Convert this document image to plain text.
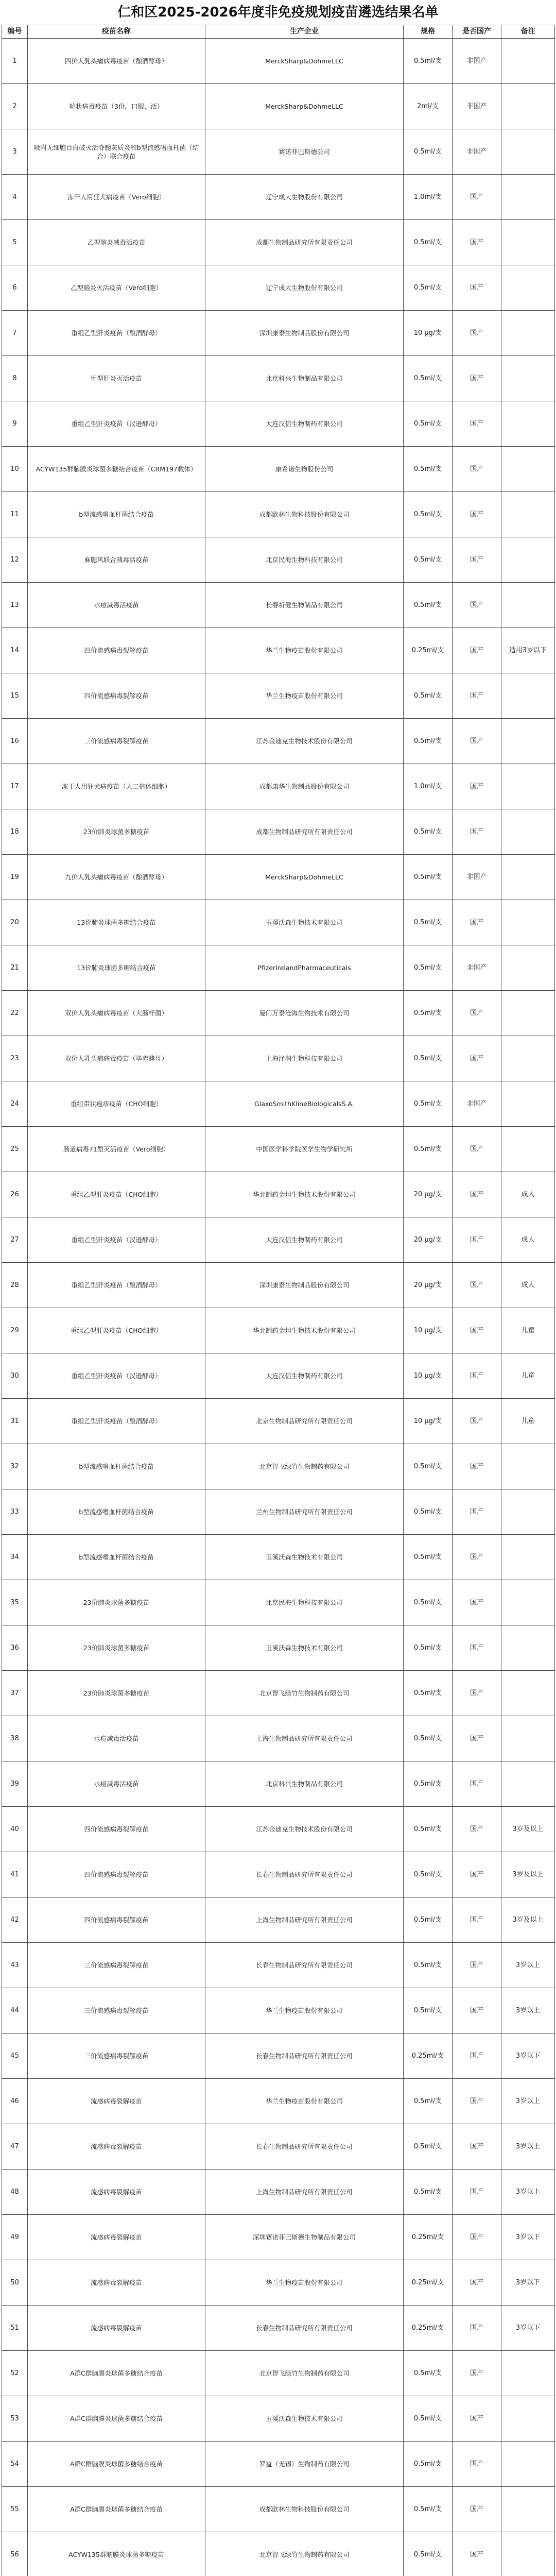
仁和区2025-2026年度非免疫规划疫苗遴选结果名单
编号	疫苗名称	生产企业	规格	是否国产	备注
1	四价人乳头瘤病毒疫苗（酿酒酵母）	MerckSharp&DohmeLLC	0.5ml/支	非国产	
2	轮状病毒疫苗（3价，口服，活）	MerckSharp&DohmeLLC	2ml/支	非国产	
3	吸附无细胞百白破灭活脊髓灰质炎和b型流感嗜血杆菌（结合）联合疫苗	赛诺菲巴斯德公司	0.5ml/支	非国产	
4	冻干人用狂犬病疫苗（Vero细胞）	辽宁成大生物股份有限公司	1.0ml/支	国产	
5	乙型脑炎减毒活疫苗	成都生物制品研究所有限责任公司	0.5ml/支	国产	
6	乙型脑炎灭活疫苗（Vero细胞）	辽宁成大生物股份有限公司	0.5ml/支	国产	
7	重组乙型肝炎疫苗（酿酒酵母）	深圳康泰生物制品股份有限公司	10 μg/支	国产	
8	甲型肝炎灭活疫苗	北京科兴生物制品有限公司	0.5ml/支	国产	
9	重组乙型肝炎疫苗（汉逊酵母）	大连汉信生物制药有限公司	0.5ml/支	国产	
10	ACYW135群脑膜炎球菌多糖结合疫苗（CRM197载体）	康希诺生物股份公司	0.5ml/支	国产	
11	b型流感嗜血杆菌结合疫苗	成都欧林生物科技股份有限公司	0.5ml/支	国产	
12	麻腮风联合减毒活疫苗	北京民海生物科技有限公司	0.5ml/支	国产	
13	水痘减毒活疫苗	长春祈健生物制品有限公司	0.5ml/支	国产	
14	四价流感病毒裂解疫苗	华兰生物疫苗股份有限公司	0.25ml/支	国产	适用3岁以下
15	四价流感病毒裂解疫苗	华兰生物疫苗股份有限公司	0.5ml/支	国产	
16	三价流感病毒裂解疫苗	江苏金迪克生物技术股份有限公司	0.5ml/支	国产	
17	冻干人用狂犬病疫苗（人二倍体细胞）	成都康华生物制品股份有限公司	1.0ml/支	国产	
18	23价肺炎球菌多糖疫苗	成都生物制品研究所有限责任公司	0.5ml/支	国产	
19	九价人乳头瘤病毒疫苗（酿酒酵母）	MerckSharp&DohmeLLC	0.5ml/支	非国产	
20	13价肺炎球菌多糖结合疫苗	玉溪沃森生物技术有限公司	0.5ml/支	国产	
21	13价肺炎球菌多糖结合疫苗	PfizerIrelandPharmaceuticals	0.5ml/支	非国产	
22	双价人乳头瘤病毒疫苗（大肠杆菌）	厦门万泰沧海生物技术有限公司	0.5ml/支	国产	
23	双价人乳头瘤病毒疫苗（毕赤酵母）	上海泽润生物科技有限公司	0.5ml/支	国产	
24	重组带状疱疹疫苗（CHO细胞）	GlaxoSmithKlineBiologicalsS.A.	0.5ml/支	非国产	
25	肠道病毒71型灭活疫苗（Vero细胞）	中国医学科学院医学生物学研究所	0.5ml/支	国产	
26	重组乙型肝炎疫苗（CHO细胞）	华北制药金坦生物技术股份有限公司	20 μg/支	国产	成人
27	重组乙型肝炎疫苗（汉逊酵母）	大连汉信生物制药有限公司	20 μg/支	国产	成人
28	重组乙型肝炎疫苗（酿酒酵母）	深圳康泰生物制品股份有限公司	20 μg/支	国产	成人
29	重组乙型肝炎疫苗（CHO细胞）	华北制药金坦生物技术股份有限公司	10 μg/支	国产	儿童
30	重组乙型肝炎疫苗（汉逊酵母）	大连汉信生物制药有限公司	10 μg/支	国产	儿童
31	重组乙型肝炎疫苗（酿酒酵母）	北京生物制品研究所有限责任公司	10 μg/支	国产	儿童
32	b型流感嗜血杆菌结合疫苗	北京智飞绿竹生物制药有限公司	0.5ml/支	国产	
33	b型流感嗜血杆菌结合疫苗	兰州生物制品研究所有限责任公司	0.5ml/支	国产	
34	b型流感嗜血杆菌结合疫苗	玉溪沃森生物技术有限公司	0.5ml/支	国产	
35	23价肺炎球菌多糖疫苗	北京民海生物科技有限公司	0.5ml/支	国产	
36	23价肺炎球菌多糖疫苗	玉溪沃森生物技术有限公司	0.5ml/支	国产	
37	23价肺炎球菌多糖疫苗	北京智飞绿竹生物制药有限公司	0.5ml/支	国产	
38	水痘减毒活疫苗	上海生物制品研究所有限责任公司	0.5ml/支	国产	
39	水痘减毒活疫苗	北京科兴生物制品有限公司	0.5ml/支	国产	
40	四价流感病毒裂解疫苗	江苏金迪克生物技术股份有限公司	0.5ml/支	国产	3岁及以上
41	四价流感病毒裂解疫苗	长春生物制品研究所有限责任公司	0.5ml/支	国产	3岁及以上
42	四价流感病毒裂解疫苗	上海生物制品研究所有限责任公司	0.5ml/支	国产	3岁及以上
43	三价流感病毒裂解疫苗	长春生物制品研究所有限责任公司	0.5ml/支	国产	3岁以上
44	三价流感病毒裂解疫苗	华兰生物疫苗股份有限公司	0.5ml/支	国产	3岁以上
45	三价流感病毒裂解疫苗	长春生物制品研究所有限责任公司	0.25ml/支	国产	3岁以下
46	流感病毒裂解疫苗	华兰生物疫苗股份有限公司	0.5ml/支	国产	3岁以上
47	流感病毒裂解疫苗	长春生物制品研究所有限责任公司	0.5ml/支	国产	3岁以上
48	流感病毒裂解疫苗	上海生物制品研究所有限责任公司	0.5ml/支	国产	3岁以上
49	流感病毒裂解疫苗	深圳赛诺菲巴斯德生物制品有限公司	0.25ml/支	国产	3岁以下
50	流感病毒裂解疫苗	华兰生物疫苗股份有限公司	0.25ml/支	国产	3岁以下
51	流感病毒裂解疫苗	长春生物制品研究所有限责任公司	0.25ml/支	国产	3岁以下
52	A群C群脑膜炎球菌多糖结合疫苗	北京智飞绿竹生物制药有限公司	0.5ml/支	国产	
53	A群C群脑膜炎球菌多糖结合疫苗	玉溪沃森生物技术有限公司	0.5ml/支	国产	
54	A群C群脑膜炎球菌多糖结合疫苗	罗益（无锡）生物制药有限公司	0.5ml/支	国产	
55	A群C群脑膜炎球菌多糖结合疫苗	成都欧林生物科技股份有限公司	0.5ml/支	国产	
56	ACYW135群脑膜炎球菌多糖疫苗	北京智飞绿竹生物制药有限公司	0.5ml/支	国产	
